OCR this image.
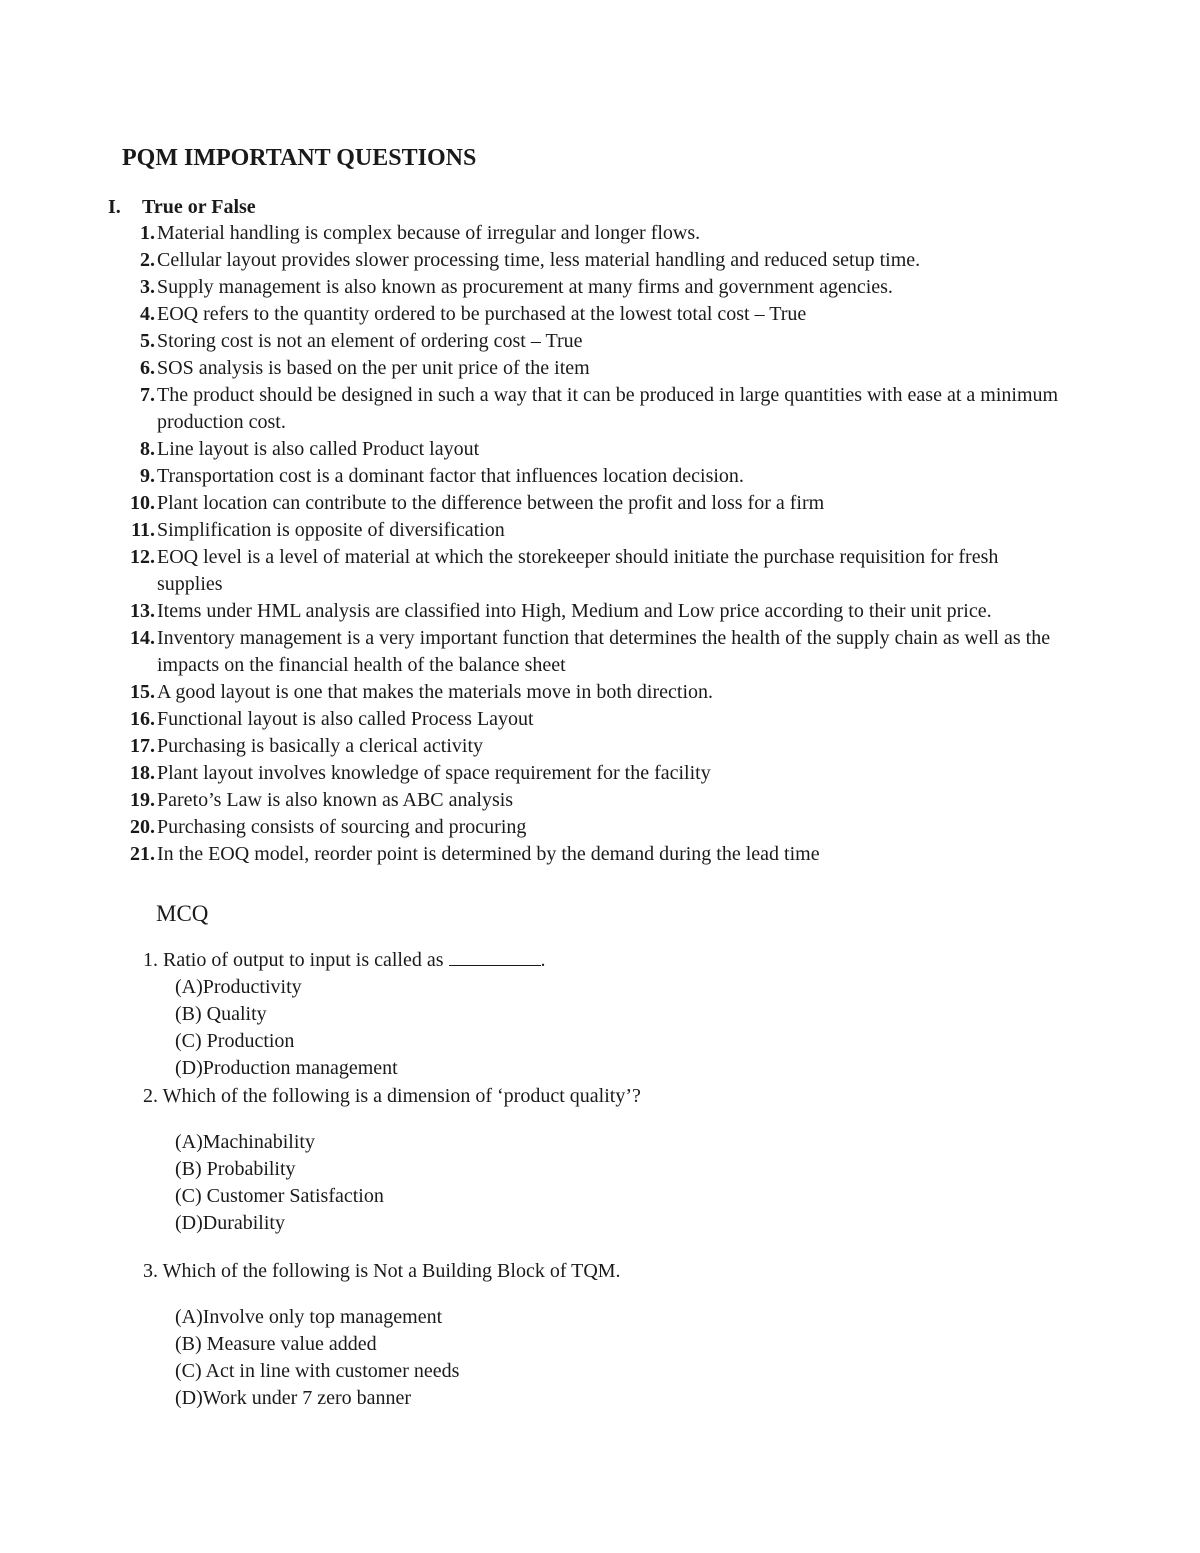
PQM IMPORTANT QUESTIONS
I. True or False
1. Material handling is complex because of irregular and longer flows.
2. Cellular layout provides slower processing time, less material handling and reduced setup time.
3. Supply management is also known as procurement at many firms and government agencies.
4. EOQ refers to the quantity ordered to be purchased at the lowest total cost – True
5. Storing cost is not an element of ordering cost – True
6. SOS analysis is based on the per unit price of the item
7. The product should be designed in such a way that it can be produced in large quantities with ease at a minimum production cost.
8. Line layout is also called Product layout
9. Transportation cost is a dominant factor that influences location decision.
10. Plant location can contribute to the difference between the profit and loss for a firm
11. Simplification is opposite of diversification
12. EOQ level is a level of material at which the storekeeper should initiate the purchase requisition for fresh supplies
13. Items under HML analysis are classified into High, Medium and Low price according to their unit price.
14. Inventory management is a very important function that determines the health of the supply chain as well as the impacts on the financial health of the balance sheet
15. A good layout is one that makes the materials move in both direction.
16. Functional layout is also called Process Layout
17. Purchasing is basically a clerical activity
18. Plant layout involves knowledge of space requirement for the facility
19. Pareto’s Law is also known as ABC analysis
20. Purchasing consists of sourcing and procuring
21. In the EOQ model, reorder point is determined by the demand during the lead time
MCQ
1. Ratio of output to input is called as	.
(A)Productivity
(B) Quality
(C) Production
(D)Production management
2. Which of the following is a dimension of ‘product quality’?
(A)Machinability
(B) Probability
(C) Customer Satisfaction
(D)Durability
3. Which of the following is Not a Building Block of TQM.
(A)Involve only top management
(B) Measure value added
(C) Act in line with customer needs
(D)Work under 7 zero banner
